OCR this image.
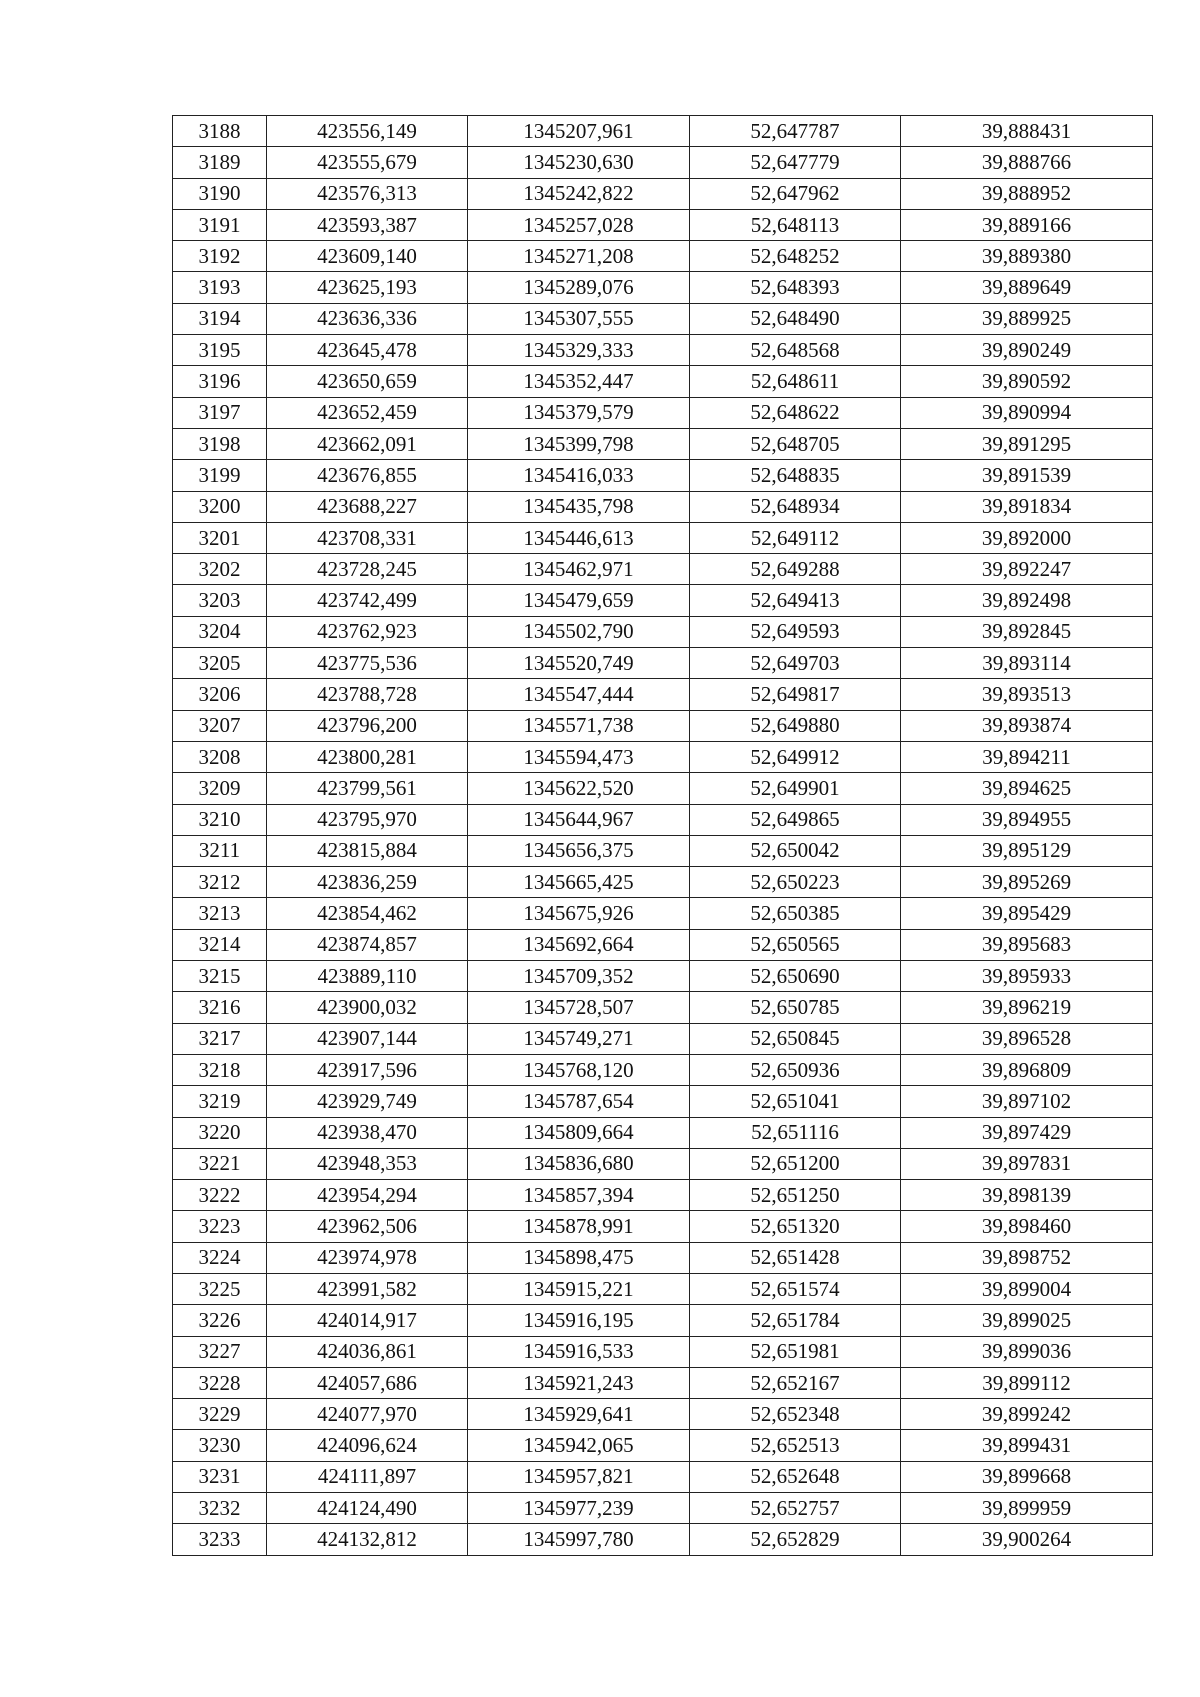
3188	423556,149	1345207,961	52,647787	39,888431
3189	423555,679	1345230,630	52,647779	39,888766
3190	423576,313	1345242,822	52,647962	39,888952
3191	423593,387	1345257,028	52,648113	39,889166
3192	423609,140	1345271,208	52,648252	39,889380
3193	423625,193	1345289,076	52,648393	39,889649
3194	423636,336	1345307,555	52,648490	39,889925
3195	423645,478	1345329,333	52,648568	39,890249
3196	423650,659	1345352,447	52,648611	39,890592
3197	423652,459	1345379,579	52,648622	39,890994
3198	423662,091	1345399,798	52,648705	39,891295
3199	423676,855	1345416,033	52,648835	39,891539
3200	423688,227	1345435,798	52,648934	39,891834
3201	423708,331	1345446,613	52,649112	39,892000
3202	423728,245	1345462,971	52,649288	39,892247
3203	423742,499	1345479,659	52,649413	39,892498
3204	423762,923	1345502,790	52,649593	39,892845
3205	423775,536	1345520,749	52,649703	39,893114
3206	423788,728	1345547,444	52,649817	39,893513
3207	423796,200	1345571,738	52,649880	39,893874
3208	423800,281	1345594,473	52,649912	39,894211
3209	423799,561	1345622,520	52,649901	39,894625
3210	423795,970	1345644,967	52,649865	39,894955
3211	423815,884	1345656,375	52,650042	39,895129
3212	423836,259	1345665,425	52,650223	39,895269
3213	423854,462	1345675,926	52,650385	39,895429
3214	423874,857	1345692,664	52,650565	39,895683
3215	423889,110	1345709,352	52,650690	39,895933
3216	423900,032	1345728,507	52,650785	39,896219
3217	423907,144	1345749,271	52,650845	39,896528
3218	423917,596	1345768,120	52,650936	39,896809
3219	423929,749	1345787,654	52,651041	39,897102
3220	423938,470	1345809,664	52,651116	39,897429
3221	423948,353	1345836,680	52,651200	39,897831
3222	423954,294	1345857,394	52,651250	39,898139
3223	423962,506	1345878,991	52,651320	39,898460
3224	423974,978	1345898,475	52,651428	39,898752
3225	423991,582	1345915,221	52,651574	39,899004
3226	424014,917	1345916,195	52,651784	39,899025
3227	424036,861	1345916,533	52,651981	39,899036
3228	424057,686	1345921,243	52,652167	39,899112
3229	424077,970	1345929,641	52,652348	39,899242
3230	424096,624	1345942,065	52,652513	39,899431
3231	424111,897	1345957,821	52,652648	39,899668
3232	424124,490	1345977,239	52,652757	39,899959
3233	424132,812	1345997,780	52,652829	39,900264
